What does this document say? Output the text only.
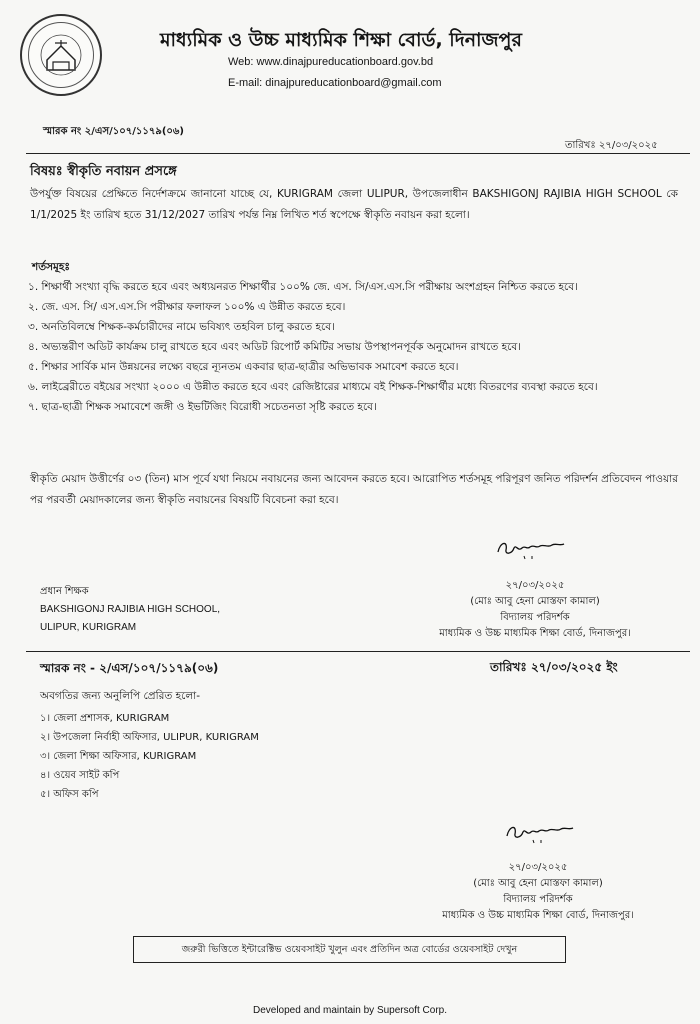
মাধ্যমিক ও উচ্চ মাধ্যমিক শিক্ষা বোর্ড, দিনাজপুর
Web: www.dinajpureducationboard.gov.bd
E-mail: dinajpureducationboard@gmail.com
স্মারক নং ২/এস/১০৭/১১৭৯(০৬)
তারিখঃ ২৭/০৩/২০২৫
বিষয়ঃ স্বীকৃতি নবায়ন প্রসঙ্গে
উপর্যুক্ত বিষয়ের প্রেক্ষিতে নির্দেশক্রমে জানানো যাচ্ছে যে, KURIGRAM জেলা ULIPUR, উপজেলাধীন BAKSHIGONJ RAJIBIA HIGH SCHOOL কে 1/1/2025 ইং তারিখ হতে 31/12/2027 তারিখ পর্যন্ত নিম্ন লিখিত শর্ত স্বপেক্ষে স্বীকৃতি নবায়ন করা হলো।
শর্তসমূহঃ
১. শিক্ষার্থী সংখ্যা বৃদ্ধি করতে হবে এবং অধ্যয়নরত শিক্ষার্থীর ১০০% জে. এস. সি/এস.এস.সি পরীক্ষায় অংশগ্রহন নিশ্চিত করতে হবে।
২. জে. এস. সি/ এস.এস.সি পরীক্ষার ফলাফল ১০০% এ উন্নীত করতে হবে।
৩. অনতিবিলম্বে শিক্ষক-কর্মচারীদের নামে ভবিষ্যৎ তহবিল চালু করতে হবে।
৪. অভ্যন্তরীণ অডিট কার্যক্রম চালু রাখতে হবে এবং অডিট রিপোর্ট কমিটির সভায় উপস্থাপনপূর্বক অনুমোদন রাখতে হবে।
৫. শিক্ষার সার্বিক মান উন্নয়নের লক্ষ্যে বছরে ন্যূনতম একবার ছাত্র-ছাত্রীর অভিভাবক সমাবেশ করতে হবে।
৬. লাইব্রেরীতে বইয়ের সংখ্যা ২০০০ এ উন্নীত করতে হবে এবং রেজিষ্টারের মাধ্যমে বই শিক্ষক-শিক্ষার্থীর মধ্যে বিতরণের ব্যবস্থা করতে হবে।
৭. ছাত্র-ছাত্রী শিক্ষক সমাবেশে জঙ্গী ও ইভটিজিং বিরোধী সচেতনতা সৃষ্টি করতে হবে।
স্বীকৃতি মেয়াদ উত্তীর্ণের ০৩ (তিন) মাস পূর্বে যথা নিয়মে নবায়নের জন্য আবেদন করতে হবে। আরোপিত শর্তসমূহ পরিপূরণ জনিত পরিদর্শন প্রতিবেদন পাওয়ার পর পরবর্তী মেয়াদকালের জন্য স্বীকৃতি নবায়নের বিষয়টি বিবেচনা করা হবে।
২৭/০৩/২০২৫
(মোঃ আবু হেনা মোস্তফা কামাল)
বিদ্যালয় পরিদর্শক
মাধ্যমিক ও উচ্চ মাধ্যমিক শিক্ষা বোর্ড, দিনাজপুর।
প্রধান শিক্ষক
BAKSHIGONJ RAJIBIA HIGH SCHOOL,
ULIPUR, KURIGRAM
স্মারক নং - ২/এস/১০৭/১১৭৯(০৬)	তারিখঃ ২৭/০৩/২০২৫ ইং
অবগতির জন্য অনুলিপি প্রেরিত হলো-
১। জেলা প্রশাসক, KURIGRAM
২। উপজেলা নির্বাহী অফিসার, ULIPUR, KURIGRAM
৩। জেলা শিক্ষা অফিসার, KURIGRAM
৪। ওয়েব সাইট কপি
৫। অফিস কপি
২৭/০৩/২০২৫
(মোঃ আবু হেনা মোস্তফা কামাল)
বিদ্যালয় পরিদর্শক
মাধ্যমিক ও উচ্চ মাধ্যমিক শিক্ষা বোর্ড, দিনাজপুর।
জরুরী ভিত্তিতে ইন্টারেক্টিভ ওয়েবসাইট খুলুন এবং প্রতিদিন অত্র বোর্ডের ওয়েবসাইট দেখুন
Developed and maintain by Supersoft Corp.
